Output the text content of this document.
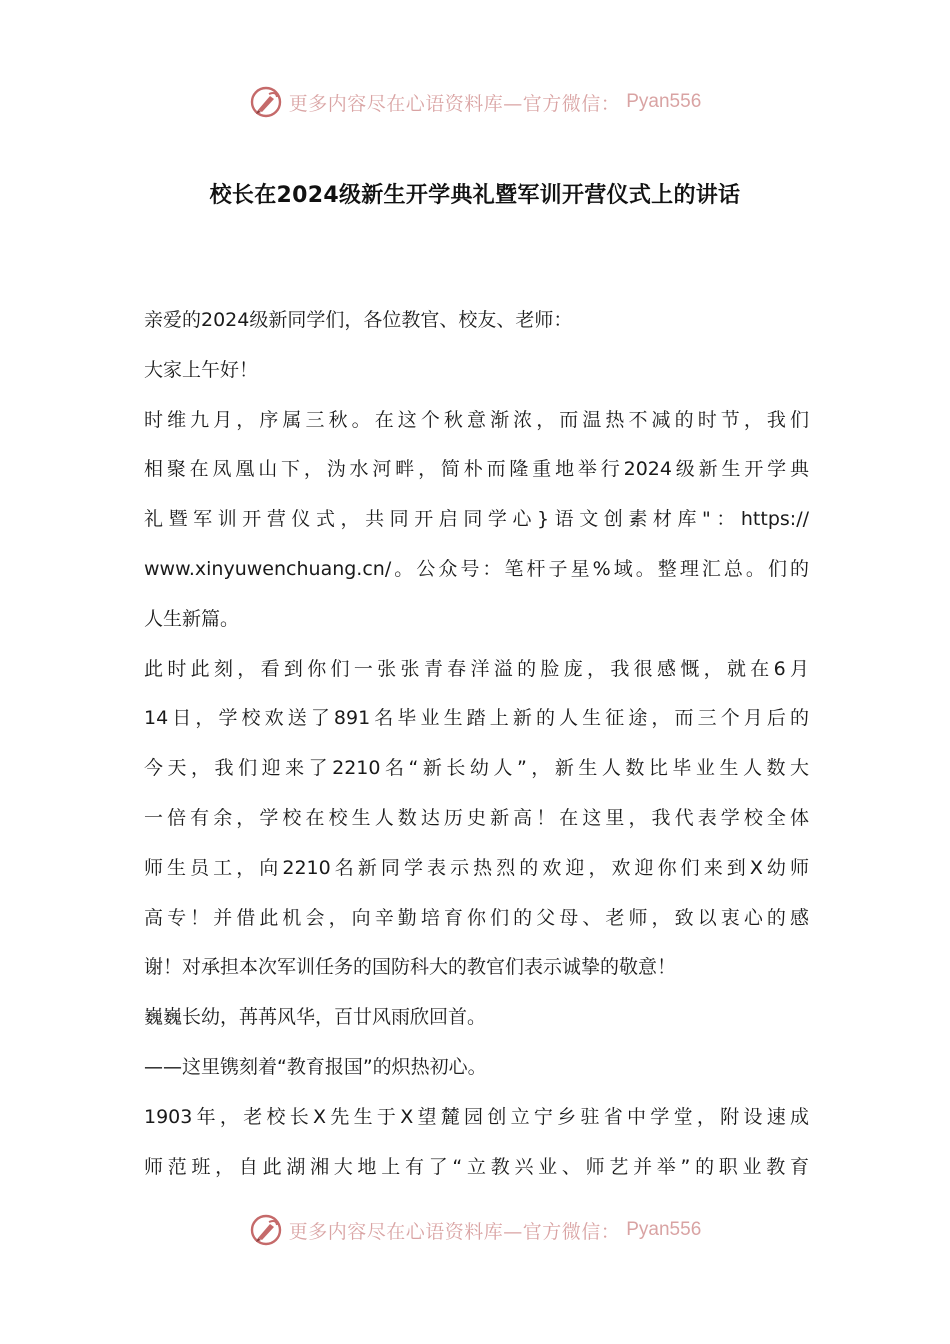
更多内容尽在心语资料库—官方微信： Pyan556
校长在2024级新生开学典礼暨军训开营仪式上的讲话
亲爱的2024级新同学们，各位教官、校友、老师：
大家上午好！
时维九月，序属三秋。在这个秋意渐浓，而温热不减的时节，我们
相聚在凤凰山下，沩水河畔，简朴而隆重地举行2024级新生开学典
礼暨军训开营仪式，共同开启同学心}语文创素材库"：https://
www.xinyuwenchuang.cn/。公众号：笔杆子星%域。整理汇总。们的
人生新篇。
此时此刻，看到你们一张张青春洋溢的脸庞，我很感慨，就在6月
14日，学校欢送了891名毕业生踏上新的人生征途，而三个月后的
今天，我们迎来了2210名“新长幼人”，新生人数比毕业生人数大
一倍有余，学校在校生人数达历史新高！在这里，我代表学校全体
师生员工，向2210名新同学表示热烈的欢迎，欢迎你们来到X幼师
高专！并借此机会，向辛勤培育你们的父母、老师，致以衷心的感
谢！对承担本次军训任务的国防科大的教官们表示诚挚的敬意！
巍巍长幼，苒苒风华，百廿风雨欣回首。
——这里镌刻着“教育报国”的炽热初心。
1903年，老校长X先生于X望麓园创立宁乡驻省中学堂，附设速成
师范班，自此湖湘大地上有了“立教兴业、师艺并举”的职业教育
更多内容尽在心语资料库—官方微信： Pyan556
